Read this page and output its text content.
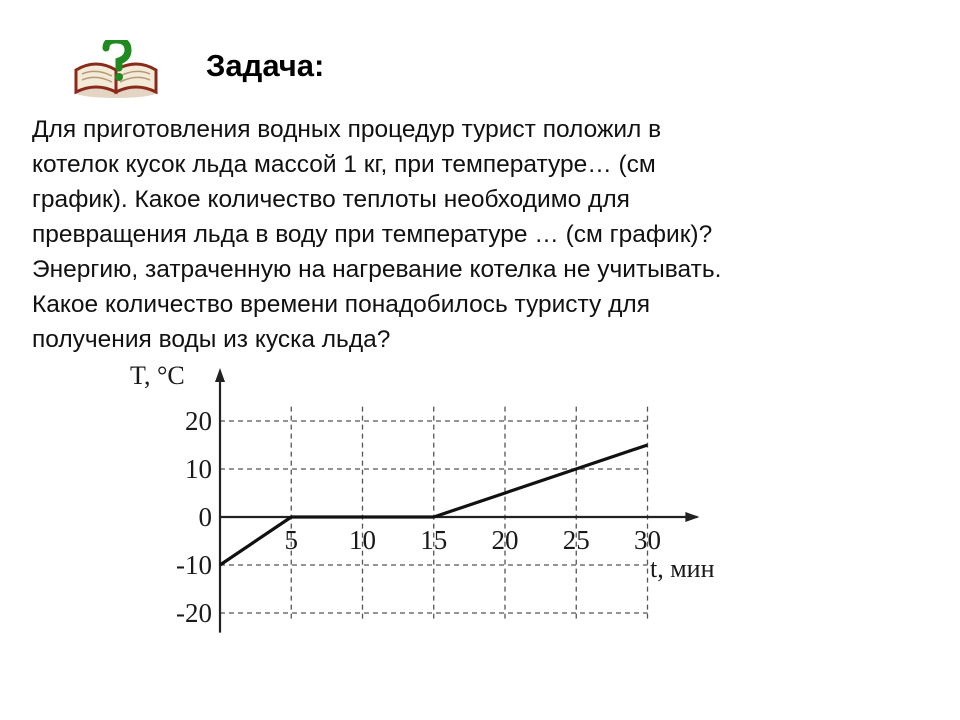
Задача:
Для приготовления водных процедур турист положил в
котелок кусок льда массой 1 кг, при температуре… (см
график). Какое количество теплоты необходимо для
превращения льда в воду при температуре … (см график)?
Энергию, затраченную на нагревание котелка не учитывать.
Какое количество времени понадобилось туристу для
получения воды из куска льда?
20
10
0
-10
-20
5 10 15 20 25 30
T, °C
t, мин
